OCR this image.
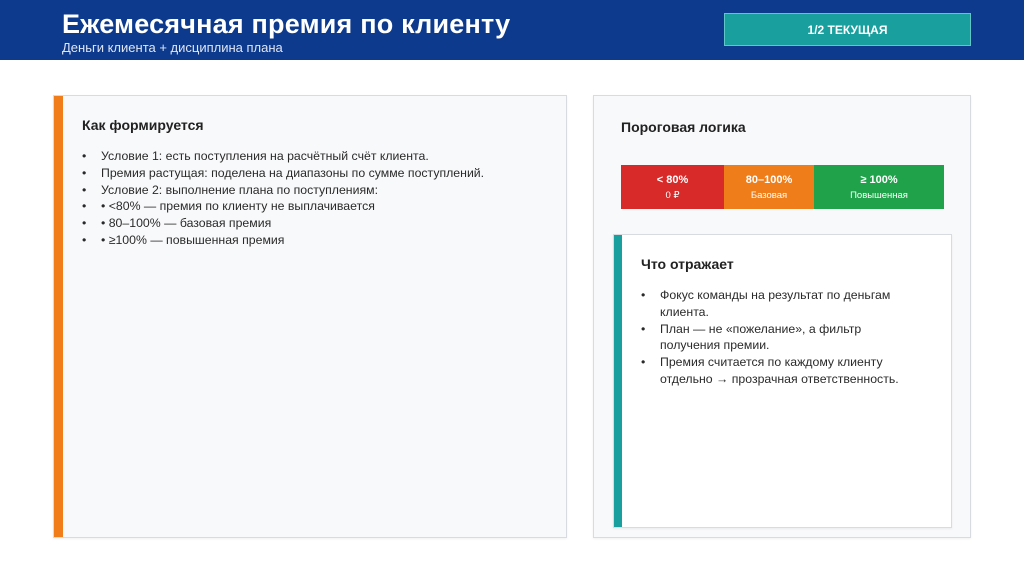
Ежемесячная премия по клиенту
Деньги клиента + дисциплина плана
1/2 ТЕКУЩАЯ
Как формируется
• Условие 1: есть поступления на расчётный счёт клиента.
• Премия растущая: поделена на диапазоны по сумме поступлений.
• Условие 2: выполнение плана по поступлениям:
• • <80% — премия по клиенту не выплачивается
• • 80–100% — базовая премия
• • ≥100% — повышенная премия
Пороговая логика
< 80%
0 ₽
80–100%
Базовая
≥ 100%
Повышенная
Что отражает
• Фокус команды на результат по деньгам клиента.
• План — не «пожелание», а фильтр получения премии.
• Премия считается по каждому клиенту отдельно → прозрачная ответственность.
